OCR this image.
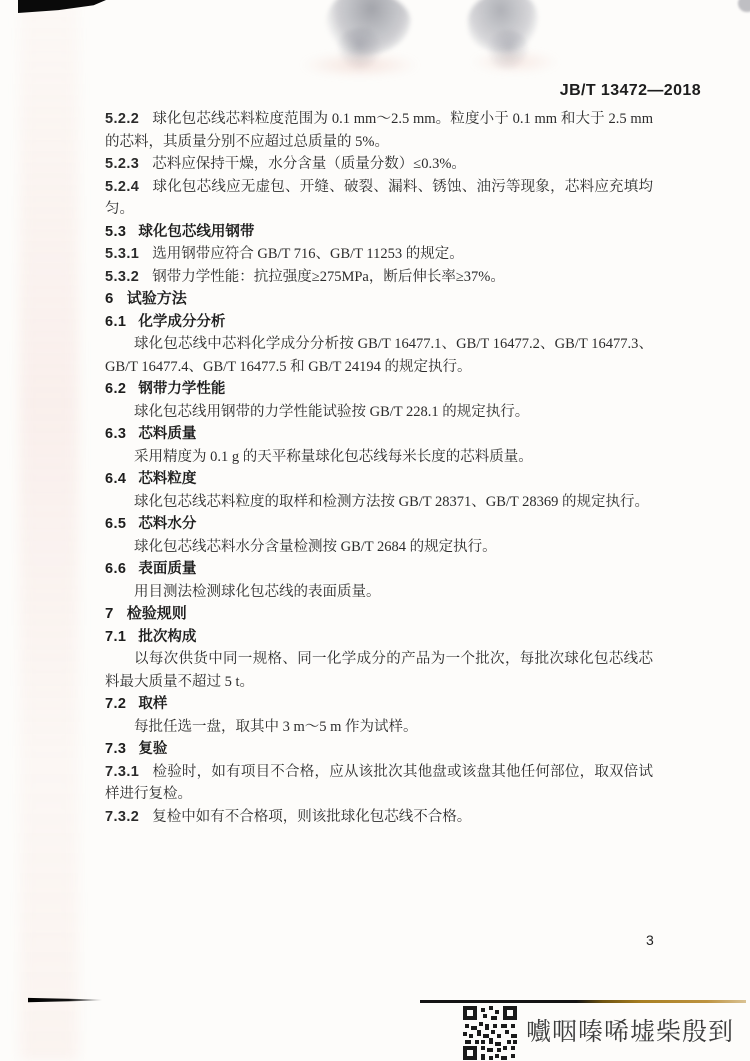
JB/T 13472—2018

5.2.2 球化包芯线芯料粒度范围为 0.1 mm～2.5 mm。粒度小于 0.1 mm 和大于 2.5 mm 的芯料，其质量分别不应超过总质量的 5%。

5.2.3 芯料应保持干燥，水分含量（质量分数）≤0.3%。

5.2.4 球化包芯线应无虚包、开缝、破裂、漏料、锈蚀、油污等现象，芯料应充填均匀。

5.3 球化包芯线用钢带

5.3.1 选用钢带应符合 GB/T 716、GB/T 11253 的规定。

5.3.2 钢带力学性能：抗拉强度≥275MPa，断后伸长率≥37%。

6 试验方法

6.1 化学成分分析

球化包芯线中芯料化学成分分析按 GB/T 16477.1、GB/T 16477.2、GB/T 16477.3、GB/T 16477.4、GB/T 16477.5 和 GB/T 24194 的规定执行。

6.2 钢带力学性能

球化包芯线用钢带的力学性能试验按 GB/T 228.1 的规定执行。

6.3 芯料质量

采用精度为 0.1 g 的天平称量球化包芯线每米长度的芯料质量。

6.4 芯料粒度

球化包芯线芯料粒度的取样和检测方法按 GB/T 28371、GB/T 28369 的规定执行。

6.5 芯料水分

球化包芯线芯料水分含量检测按 GB/T 2684 的规定执行。

6.6 表面质量

用目测法检测球化包芯线的表面质量。

7 检验规则

7.1 批次构成

以每次供货中同一规格、同一化学成分的产品为一个批次，每批次球化包芯线芯料最大质量不超过 5 t。

7.2 取样

每批任选一盘，取其中 3 m～5 m 作为试样。

7.3 复验

7.3.1 检验时，如有项目不合格，应从该批次其他盘或该盘其他任何部位，取双倍试样进行复检。

7.3.2 复检中如有不合格项，则该批球化包芯线不合格。

3
嚱咽嗪唏墟柴殷到
